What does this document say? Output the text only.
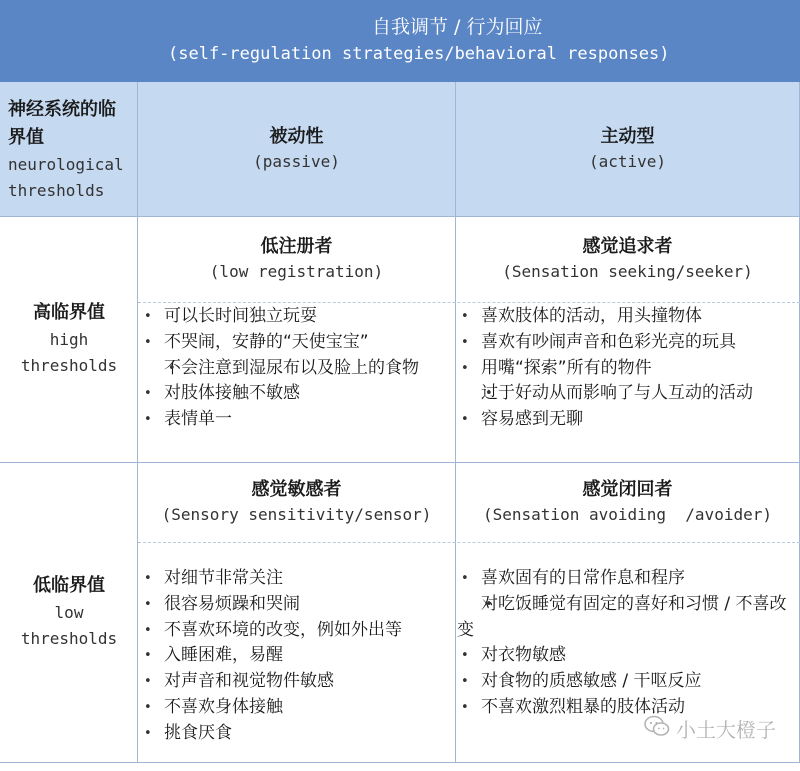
自我调节 / 行为回应
(self-regulation strategies/behavioral responses)
神经系统的临
界值
neurological
thresholds
被动性
(passive)
主动型
(active)
高临界值
high
thresholds
低注册者
(low registration)
• 可以长时间独立玩耍
• 不哭闹，安静的“天使宝宝”
• 不会注意到湿尿布以及脸上的食物
• 对肢体接触不敏感
• 表情单一
感觉追求者
(Sensation seeking/seeker)
• 喜欢肢体的活动，用头撞物体
• 喜欢有吵闹声音和色彩光亮的玩具
• 用嘴“探索”所有的物件
• 过于好动从而影响了与人互动的活动
• 容易感到无聊
低临界值
low
thresholds
感觉敏感者
(Sensory sensitivity/sensor)
• 对细节非常关注
• 很容易烦躁和哭闹
• 不喜欢环境的改变，例如外出等
• 入睡困难，易醒
• 对声音和视觉物件敏感
• 不喜欢身体接触
• 挑食厌食
感觉闭回者
(Sensation avoiding  /avoider)
• 喜欢固有的日常作息和程序
• 对吃饭睡觉有固定的喜好和习惯 / 不喜改变
• 对衣物敏感
• 对食物的质感敏感 / 干呕反应
• 不喜欢激烈粗暴的肢体活动
小土大橙子
